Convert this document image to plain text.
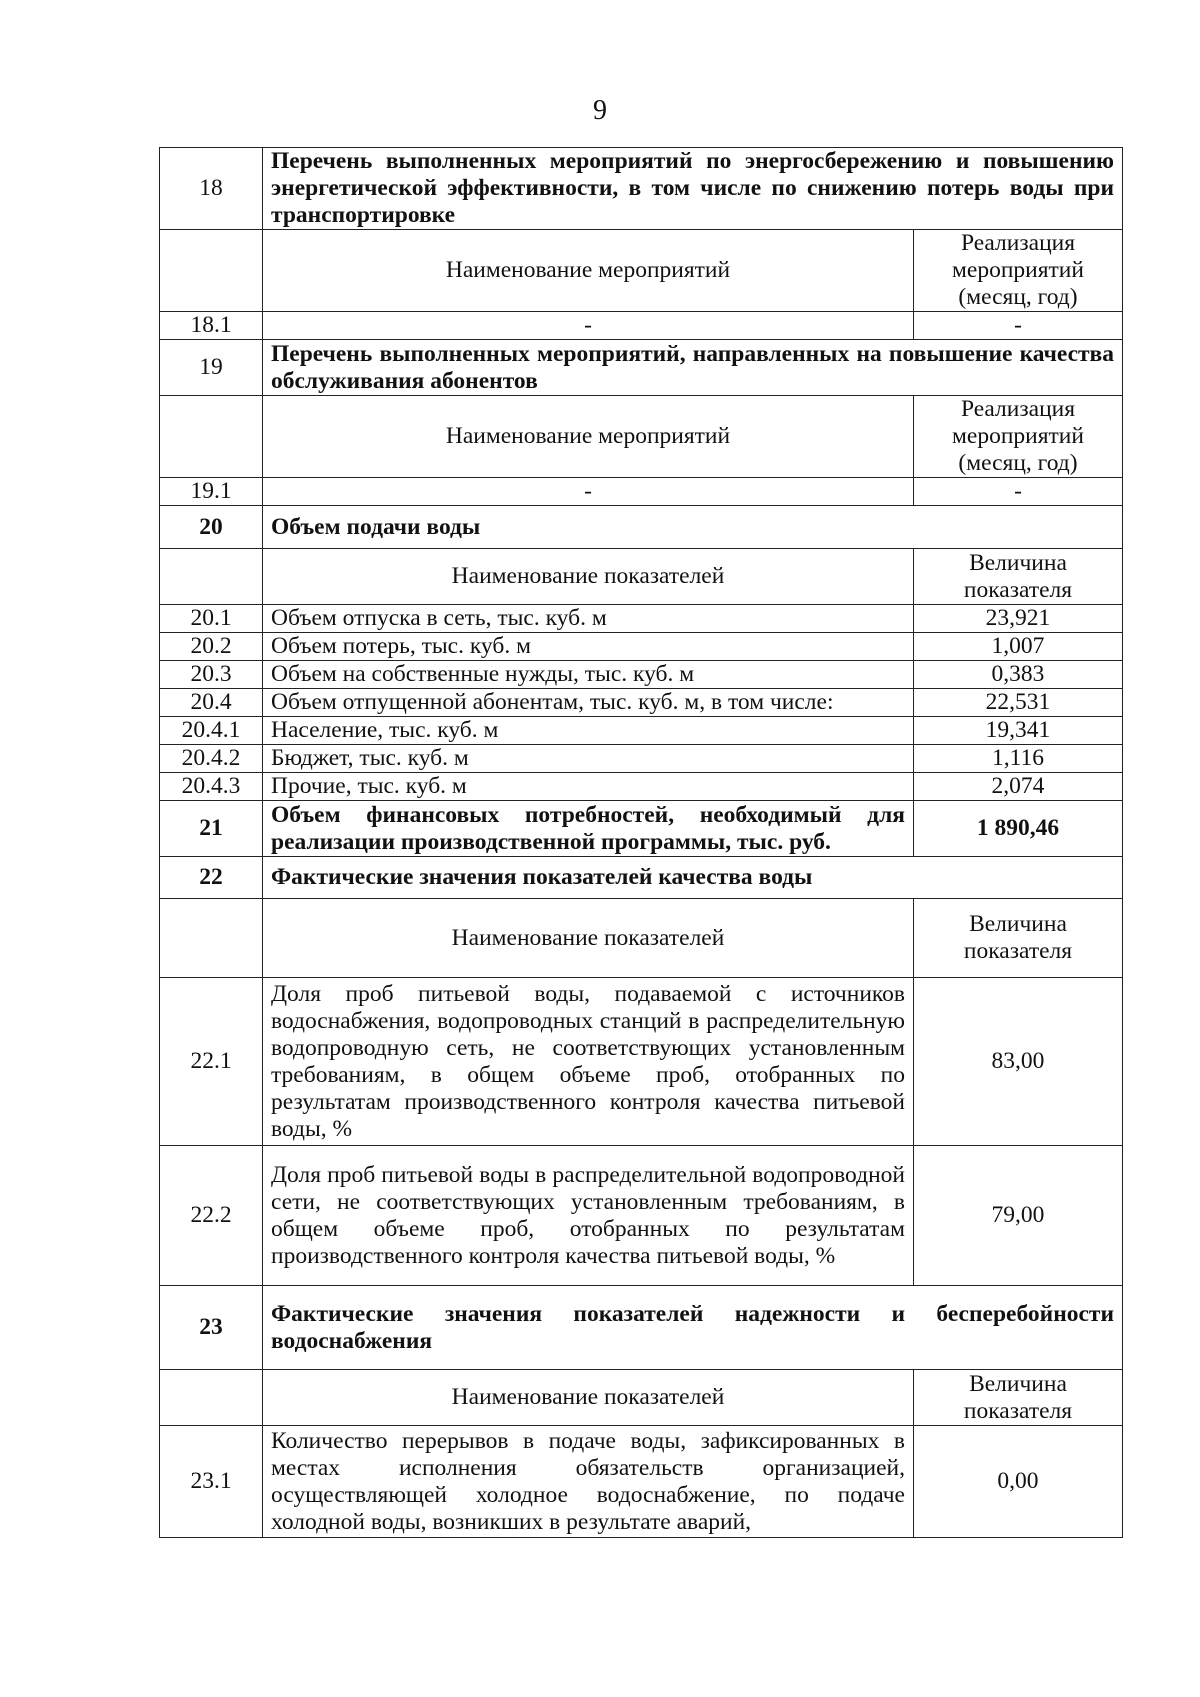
9
18	Перечень выполненных мероприятий по энергосбережению и повышению энергетической эффективности, в том числе по снижению потерь воды при транспортировке	
	Наименование мероприятий	Реализация мероприятий (месяц, год)
18.1	-	-
19	Перечень выполненных мероприятий, направленных на повышение качества обслуживания абонентов	
	Наименование мероприятий	Реализация мероприятий (месяц, год)
19.1	-	-
20	Объем подачи воды	
	Наименование показателей	Величина показателя
20.1	Объем отпуска в сеть, тыс. куб. м	23,921
20.2	Объем потерь, тыс. куб. м	1,007
20.3	Объем на собственные нужды, тыс. куб. м	0,383
20.4	Объем отпущенной абонентам, тыс. куб. м, в том числе:	22,531
20.4.1	Население, тыс. куб. м	19,341
20.4.2	Бюджет, тыс. куб. м	1,116
20.4.3	Прочие, тыс. куб. м	2,074
21	Объем финансовых потребностей, необходимый для реализации производственной программы, тыс. руб.	1 890,46
22	Фактические значения показателей качества воды	
	Наименование показателей	Величина показателя
22.1	Доля проб питьевой воды, подаваемой с источников водоснабжения, водопроводных станций в распределительную водопроводную сеть, не соответствующих установленным требованиям, в общем объеме проб, отобранных по результатам производственного контроля качества питьевой воды, %	83,00
22.2	Доля проб питьевой воды в распределительной водопроводной сети, не соответствующих установленным требованиям, в общем объеме проб, отобранных по результатам производственного контроля качества питьевой воды, %	79,00
23	Фактические значения показателей надежности и бесперебойности водоснабжения	
	Наименование показателей	Величина показателя
23.1	Количество перерывов в подаче воды, зафиксированных в местах исполнения обязательств организацией, осуществляющей холодное водоснабжение, по подаче холодной воды, возникших в результате аварий,	0,00
